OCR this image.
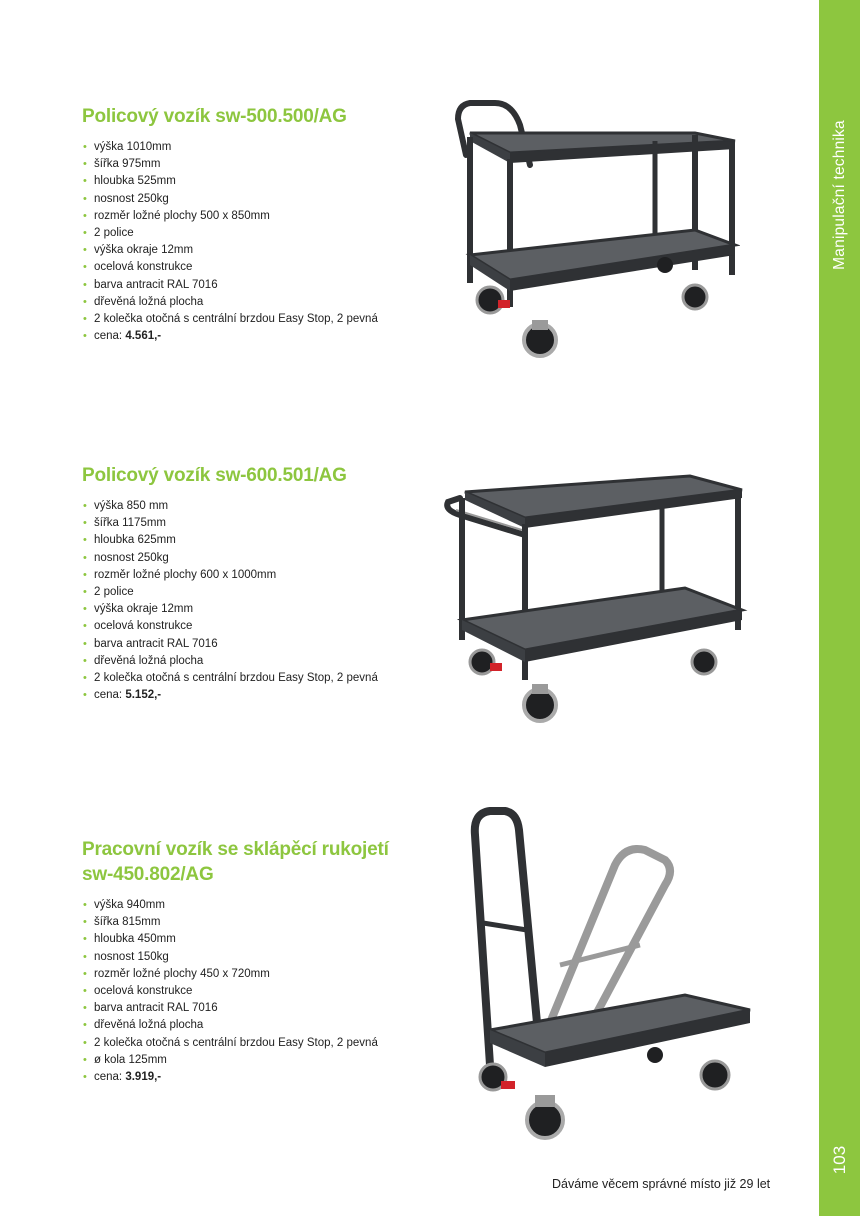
Manipulační technika
103
Policový vozík sw-500.500/AG
• výška 1010mm
• šířka 975mm
• hloubka 525mm
• nosnost 250kg
• rozměr ložné plochy 500 x 850mm
• 2 police
• výška okraje 12mm
• ocelová konstrukce
• barva antracit RAL 7016
• dřevěná ložná plocha
• 2 kolečka otočná s centrální brzdou Easy Stop, 2 pevná
• cena: 4.561,-
Policový vozík sw-600.501/AG
• výška 850 mm
• šířka 1175mm
• hloubka 625mm
• nosnost 250kg
• rozměr ložné plochy 600 x 1000mm
• 2 police
• výška okraje 12mm
• ocelová konstrukce
• barva antracit RAL 7016
• dřevěná ložná plocha
• 2 kolečka otočná s centrální brzdou Easy Stop, 2 pevná
• cena: 5.152,-
Pracovní vozík se sklápěcí rukojetí
sw-450.802/AG
• výška 940mm
• šířka 815mm
• hloubka 450mm
• nosnost 150kg
• rozměr ložné plochy 450 x 720mm
• ocelová konstrukce
• barva antracit RAL 7016
• dřevěná ložná plocha
• 2 kolečka otočná s centrální brzdou Easy Stop, 2 pevná
• ø kola 125mm
• cena: 3.919,-
Dáváme věcem správné místo již 29 let
